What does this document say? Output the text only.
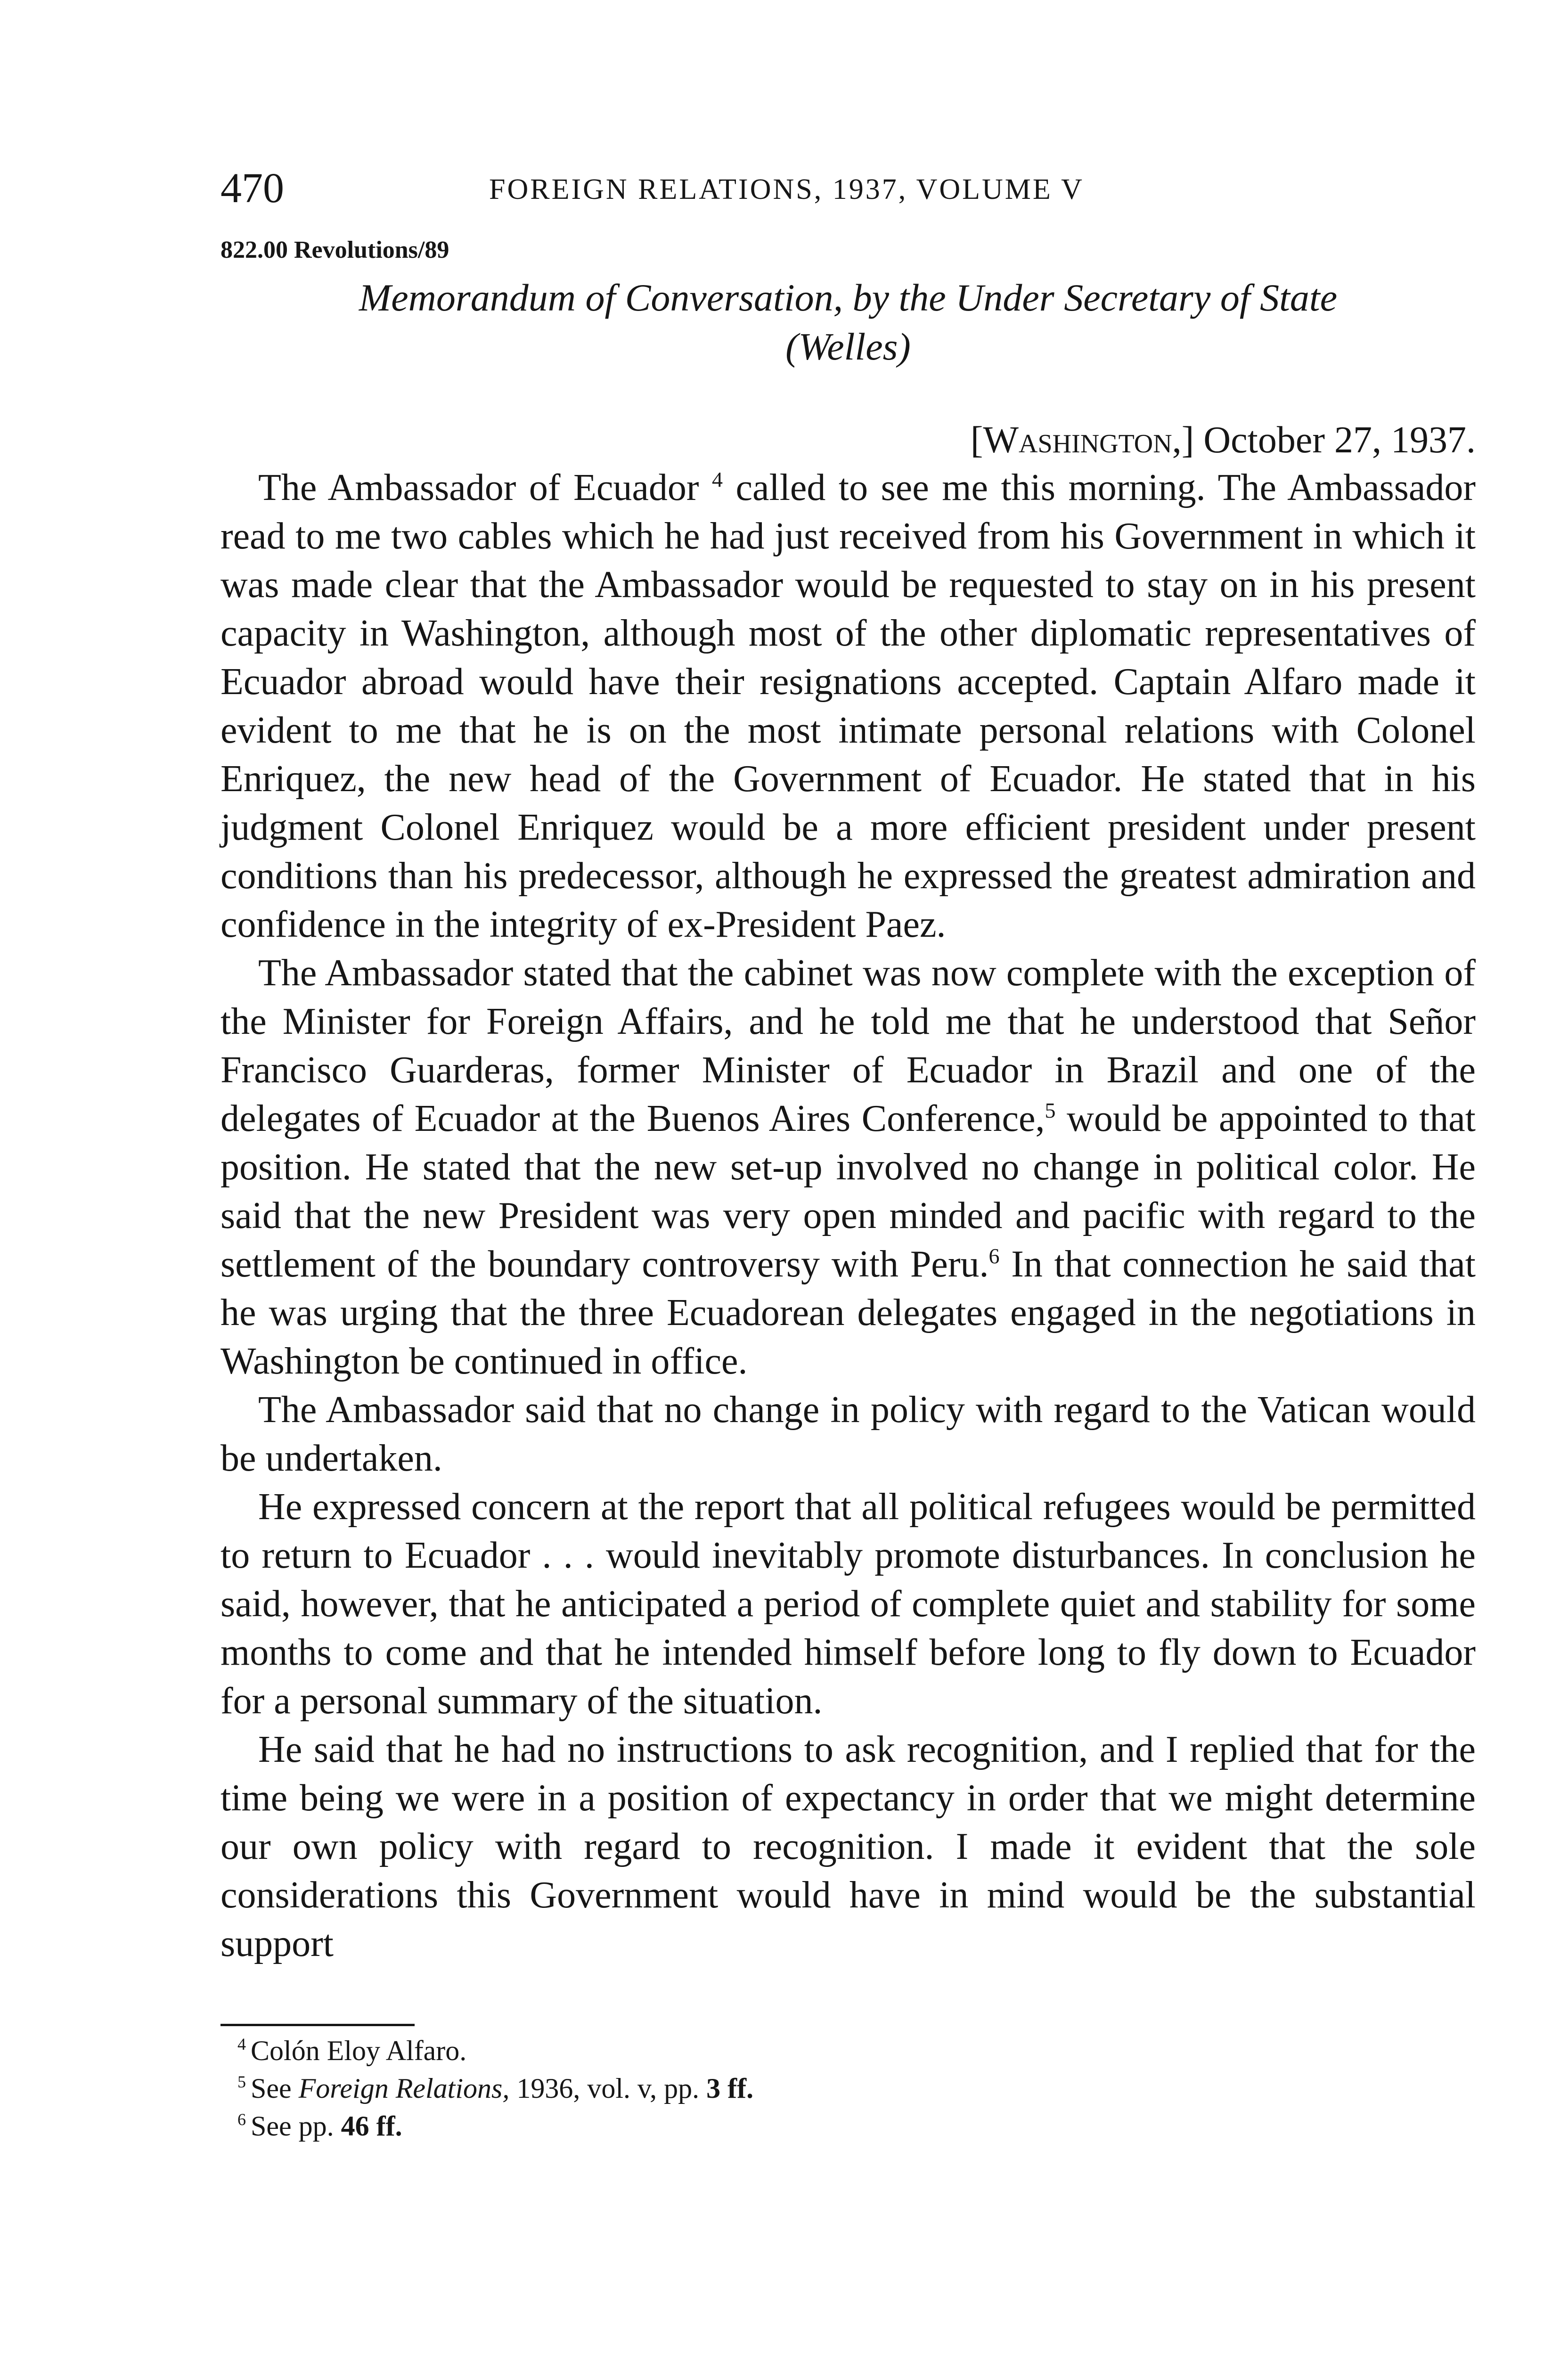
470	FOREIGN RELATIONS, 1937, VOLUME V
822.00 Revolutions/89
Memorandum of Conversation, by the Under Secretary of State
(Welles)
[Washington,] October 27, 1937.

The Ambassador of Ecuador $^4$ called to see me this morning. The Ambassador read to me two cables which he had just received from his Government in which it was made clear that the Ambassador would be requested to stay on in his present capacity in Washington, although most of the other diplomatic representatives of Ecuador abroad would have their resignations accepted. Captain Alfaro made it evident to me that he is on the most intimate personal relations with Colonel Enriquez, the new head of the Government of Ecuador. He stated that in his judgment Colonel Enriquez would be a more efficient president under present conditions than his predecessor, although he expressed the greatest admiration and confidence in the integrity of ex-President Paez.

The Ambassador stated that the cabinet was now complete with the exception of the Minister for Foreign Affairs, and he told me that he understood that Señor Francisco Guarderas, former Minister of Ecuador in Brazil and one of the delegates of Ecuador at the Buenos Aires Conference,$^5$ would be appointed to that position. He stated that the new set-up involved no change in political color. He said that the new President was very open minded and pacific with regard to the settlement of the boundary controversy with Peru.$^6$ In that connection he said that he was urging that the three Ecuadorean delegates engaged in the negotiations in Washington be continued in office.

The Ambassador said that no change in policy with regard to the Vatican would be undertaken.

He expressed concern at the report that all political refugees would be permitted to return to Ecuador . . . would inevitably promote disturbances. In conclusion he said, however, that he anticipated a period of complete quiet and stability for some months to come and that he intended himself before long to fly down to Ecuador for a personal summary of the situation.

He said that he had no instructions to ask recognition, and I replied that for the time being we were in a position of expectancy in order that we might determine our own policy with regard to recognition. I made it evident that the sole considerations this Government would have in mind would be the substantial support

$^4$ Colón Eloy Alfaro.
$^5$ See Foreign Relations, 1936, vol. v, pp. 3 ff.
$^6$ See pp. 46 ff.
